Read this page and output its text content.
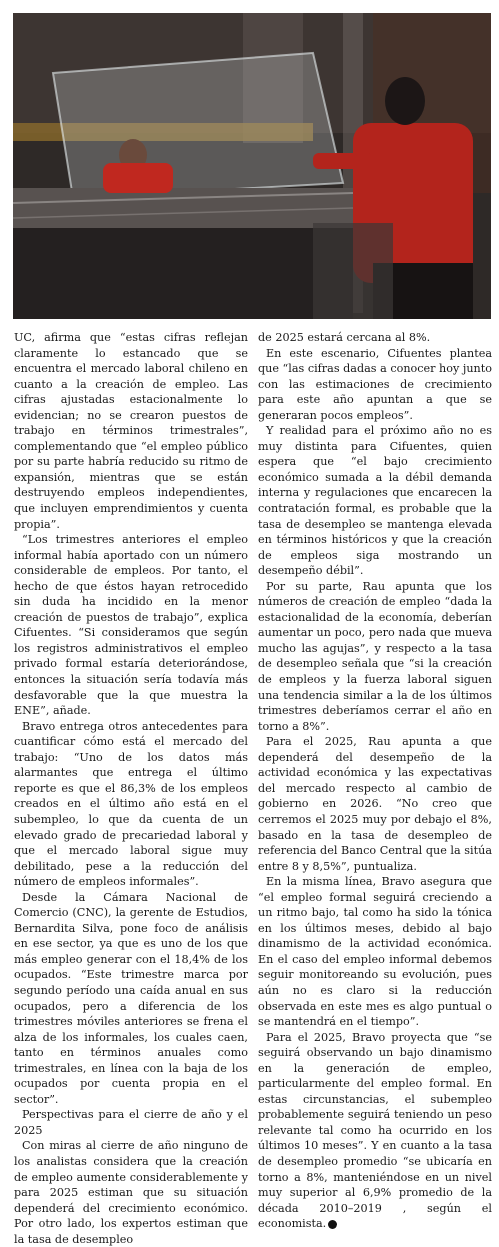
UC, afirma que “estas cifras reflejan claramente lo estancado que se encuentra el mercado laboral chileno en cuanto a la creación de empleo. Las cifras ajustadas estacionalmente lo evidencian; no se crearon puestos de trabajo en términos trimestrales”, complementando que “el empleo público por su parte habría reducido su ritmo de expansión, mientras que se están destruyendo empleos independientes, que incluyen emprendimientos y cuenta propia”.

“Los trimestres anteriores el empleo informal había aportado con un número considerable de empleos. Por tanto, el hecho de que éstos hayan retrocedido sin duda ha incidido en la menor creación de puestos de trabajo”, explica Cifuentes. “Si consideramos que según los registros administrativos el empleo privado formal estaría deteriorándose, entonces la situación sería todavía más desfavorable que la que muestra la ENE”, añade.

Bravo entrega otros antecedentes para cuantificar cómo está el mercado del trabajo: “Uno de los datos más alarmantes que entrega el último reporte es que el 86,3% de los empleos creados en el último año está en el subempleo, lo que da cuenta de un elevado grado de precariedad laboral y que el mercado laboral sigue muy debilitado, pese a la reducción del número de empleos informales”.

Desde la Cámara Nacional de Comercio (CNC), la gerente de Estudios, Bernardita Silva, pone foco de análisis en ese sector, ya que es uno de los que más empleo generar con el 18,4% de los ocupados. “Este trimestre marca por segundo período una caída anual en sus ocupados, pero a diferencia de los trimestres móviles anteriores se frena el alza de los informales, los cuales caen, tanto en términos anuales como trimestrales, en línea con la baja de los ocupados por cuenta propia en el sector”.

Perspectivas para el cierre de año y el 2025

Con miras al cierre de año ninguno de los analistas considera que la creación de empleo aumente considerablemente y para 2025 estiman que su situación dependerá del crecimiento económico. Por otro lado, los expertos estiman que la tasa de desempleo

de 2025 estará cercana al 8%.

En este escenario, Cifuentes plantea que “las cifras dadas a conocer hoy junto con las estimaciones de crecimiento para este año apuntan a que se generaran pocos empleos”.

Y realidad para el próximo año no es muy distinta para Cifuentes, quien espera que “el bajo crecimiento económico sumada a la débil demanda interna y regulaciones que encarecen la contratación formal, es probable que la tasa de desempleo se mantenga elevada en términos históricos y que la creación de empleos siga mostrando un desempeño débil”.

Por su parte, Rau apunta que los números de creación de empleo “dada la estacionalidad de la economía, deberían aumentar un poco, pero nada que mueva mucho las agujas”, y respecto a la tasa de desempleo señala que “si la creación de empleos y la fuerza laboral siguen una tendencia similar a la de los últimos trimestres deberíamos cerrar el año en torno a 8%”.

Para el 2025, Rau apunta a que dependerá del desempeño de la actividad económica y las expectativas del mercado respecto al cambio de gobierno en 2026. “No creo que cerremos el 2025 muy por debajo el 8%, basado en la tasa de desempleo de referencia del Banco Central que la sitúa entre 8 y 8,5%”, puntualiza.

En la misma línea, Bravo asegura que “el empleo formal seguirá creciendo a un ritmo bajo, tal como ha sido la tónica en los últimos meses, debido al bajo dinamismo de la actividad económica. En el caso del empleo informal debemos seguir monitoreando su evolución, pues aún no es claro si la reducción observada en este mes es algo puntual o se mantendrá en el tiempo”.

Para el 2025, Bravo proyecta que “se seguirá observando un bajo dinamismo en la generación de empleo, particularmente del empleo formal. En estas circunstancias, el subempleo probablemente seguirá teniendo un peso relevante tal como ha ocurrido en los últimos 10 meses”. Y en cuanto a la tasa de desempleo promedio “se ubicaría en torno a 8%, manteniéndose en un nivel muy superior al 6,9% promedio de la década 2010–2019 , según el economista. P
